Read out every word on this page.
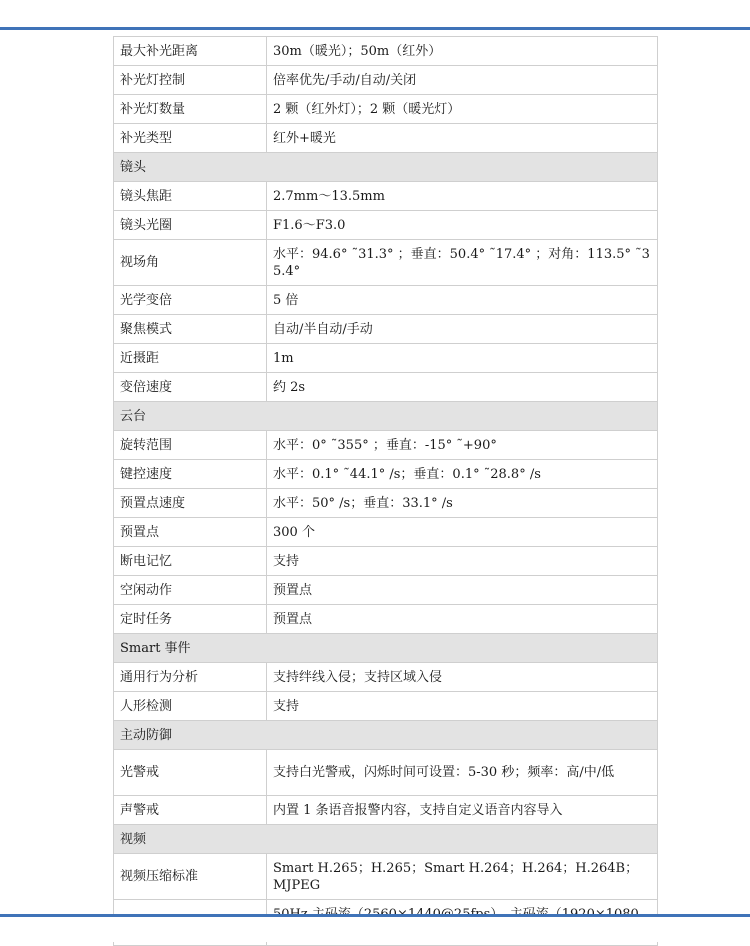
最大补光距离	30m（暖光）；50m（红外）
补光灯控制	倍率优先/手动/自动/关闭
补光灯数量	2 颗（红外灯）；2 颗（暖光灯）
补光类型	红外+暖光
镜头	
镜头焦距	2.7mm～13.5mm
镜头光圈	F1.6～F3.0
视场角	水平：94.6° ˜31.3° ；垂直：50.4° ˜17.4° ；对角：113.5° ˜35.4°
光学变倍	5 倍
聚焦模式	自动/半自动/手动
近摄距	1m
变倍速度	约 2s
云台	
旋转范围	水平：0° ˜355° ；垂直：-15° ˜+90°
键控速度	水平：0.1° ˜44.1° /s；垂直：0.1° ˜28.8° /s
预置点速度	水平：50° /s；垂直：33.1° /s
预置点	300 个
断电记忆	支持
空闲动作	预置点
定时任务	预置点
Smart 事件	
通用行为分析	支持绊线入侵；支持区域入侵
人形检测	支持
主动防御	
光警戒	支持白光警戒，闪烁时间可设置：5-30 秒；频率：高/中/低
声警戒	内置 1 条语音报警内容，支持自定义语音内容导入
视频	
视频压缩标准	Smart H.265；H.265；Smart H.264；H.264；H.264B；MJPEG
